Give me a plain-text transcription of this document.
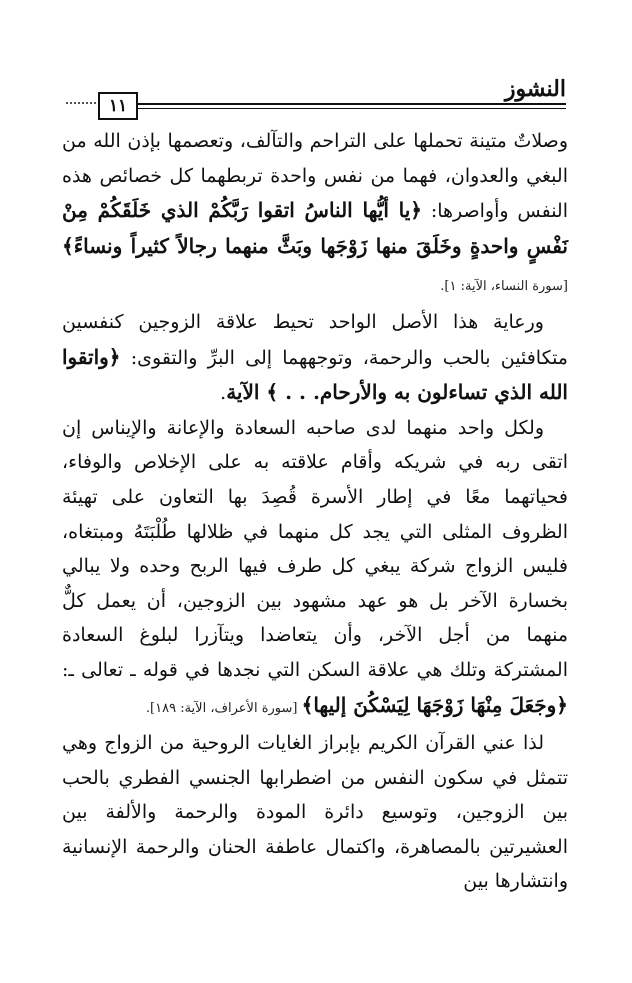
النشوز
١١

وصلاتٌ متينة تحملها على التراحم والتآلف، وتعصمها بإذن الله من البغي والعدوان، فهما من نفس واحدة تربطهما كل خصائص هذه النفس وأواصرها: ﴿يا أيُّها الناسُ اتقوا رَبَّكُمْ الذي خَلَقَكُمْ مِنْ نَفْسٍ واحدةٍ وخَلَقَ منها زَوْجَها وبَثَّ منهما رجالاً كثيراً ونساءً﴾ [سورة النساء، الآية: ١].

ورعاية هذا الأصل الواحد تحيط علاقة الزوجين كنفسين متكافئين بالحب والرحمة، وتوجههما إلى البرِّ والتقوى: ﴿واتقوا الله الذي تساءلون به والأرحام. . . ﴾ الآية.

ولكل واحد منهما لدى صاحبه السعادة والإعانة والإيناس إن اتقى ربه في شريكه وأقام علاقته به على الإخلاص والوفاء، فحياتهما معًا في إطار الأسرة قُصِدَ بها التعاون على تهيئة الظروف المثلى التي يجد كل منهما في ظلالها طُلْبَتَهُ ومبتغاه، فليس الزواج شركة يبغي كل طرف فيها الربح وحده ولا يبالي بخسارة الآخر بل هو عهد مشهود بين الزوجين، أن يعمل كلٌّ منهما من أجل الآخر، وأن يتعاضدا ويتآزرا لبلوغ السعادة المشتركة وتلك هي علاقة السكن التي نجدها في قوله ـ تعالى ـ: ﴿وجَعَلَ مِنْهَا زَوْجَهَا لِيَسْكُنَ إليها﴾ [سورة الأعراف، الآية: ١٨٩].

لذا عني القرآن الكريم بإبراز الغايات الروحية من الزواج وهي تتمثل في سكون النفس من اضطرابها الجنسي الفطري بالحب بين الزوجين، وتوسيع دائرة المودة والرحمة والألفة بين العشيرتين بالمصاهرة، واكتمال عاطفة الحنان والرحمة الإنسانية وانتشارها بين
